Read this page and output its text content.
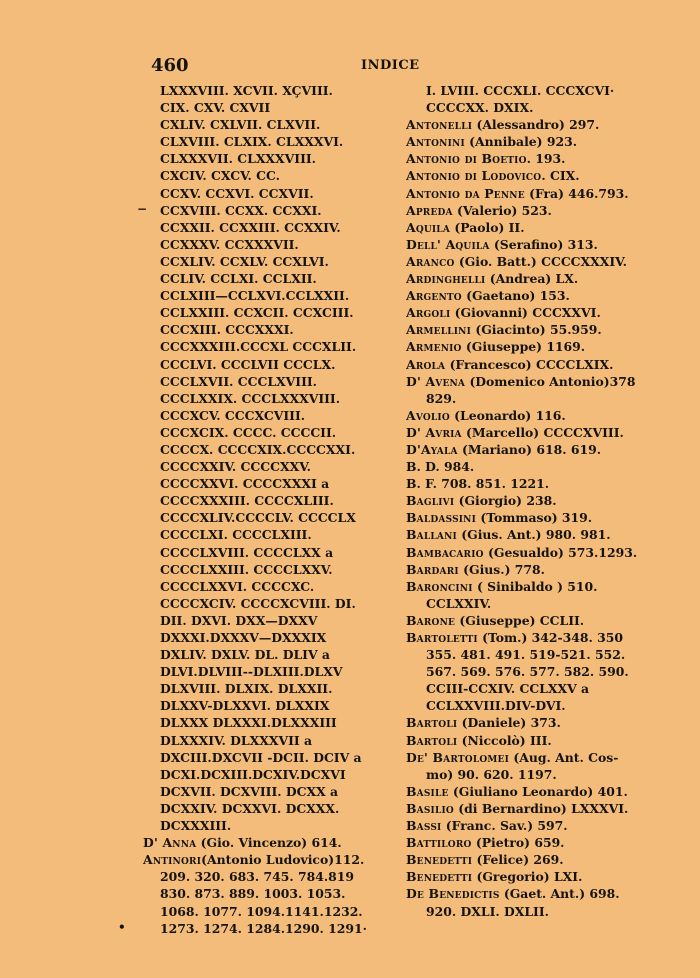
460	INDICE
LXXXVIII. XCVII. XÇVIII.
CIX. CXV. CXVII
CXLIV. CXLVII. CLXVII.
CLXVIII. CLXIX. CLXXXVI.
CLXXXVII. CLXXXVIII.
CXCIV. CXCV. CC.
CCXV. CCXVI. CCXVII.
CCXVIII. CCXX. CCXXI.
CCXXII. CCXXIII. CCXXIV.
CCXXXV. CCXXXVII.
CCXLIV. CCXLV. CCXLVI.
CCLIV. CCLXI. CCLXII.
CCLXIII—CCLXVI.CCLXXII.
CCLXXIII. CCXCII. CCXCIII.
CCCXIII. CCCXXXI.
CCCXXXIII.CCCXL CCCXLII.
CCCLVI. CCCLVII CCCLX.
CCCLXVII. CCCLXVIII.
CCCLXXIX. CCCLXXXVIII.
CCCXCV. CCCXCVIII.
CCCXCIX. CCCC. CCCCII.
CCCCX. CCCCXIX.CCCCXXI.
CCCCXXIV. CCCCXXV.
CCCCXXVI. CCCCXXXI a
CCCCXXXIII. CCCCXLIII.
CCCCXLIV.CCCCLV. CCCCLX
CCCCLXI. CCCCLXIII.
CCCCLXVIII. CCCCLXX a
CCCCLXXIII. CCCCLXXV.
CCCCLXXVI. CCCCXC.
CCCCXCIV. CCCCXCVIII. DI.
DII. DXVI. DXX—DXXV
DXXXI.DXXXV—DXXXIX
DXLIV. DXLV. DL. DLIV a
DLVI.DLVIII--DLXIII.DLXV
DLXVIII. DLXIX. DLXXII.
DLXXV-DLXXVI. DLXXIX
DLXXX DLXXXI.DLXXXIII
DLXXXIV. DLXXXVII a
DXCIII.DXCVII -DCII. DCIV a
DCXI.DCXIII.DCXIV.DCXVI
DCXVII. DCXVIII. DCXX a
DCXXIV. DCXXVI. DCXXX.
DCXXXIII.
D' Anna (Gio. Vincenzo) 614.
Antinori(Antonio Ludovico)112.
209. 320. 683. 745. 784.819
830. 873. 889. 1003. 1053.
1068. 1077. 1094.1141.1232.
1273. 1274. 1284.1290. 1291·
I. LVIII. CCCXLI. CCCXCVI·
CCCCXX. DXIX.
Antonelli (Alessandro) 297.
Antonini (Annibale) 923.
Antonio di Boetio. 193.
Antonio di Lodovico. CIX.
Antonio da Penne (Fra) 446.793.
Apreda (Valerio) 523.
Aquila (Paolo) II.
Dell' Aquila (Serafino) 313.
Aranco (Gio. Batt.) CCCCXXXIV.
Ardinghelli (Andrea) LX.
Argento (Gaetano) 153.
Argoli (Giovanni) CCCXXVI.
Armellini (Giacinto) 55.959.
Armenio (Giuseppe) 1169.
Arola (Francesco) CCCCLXIX.
D' Avena (Domenico Antonio)378
829.
Avolio (Leonardo) 116.
D' Avria (Marcello) CCCCXVIII.
D'Ayala (Mariano) 618. 619.
B. D. 984.
B. F. 708. 851. 1221.
Baglivi (Giorgio) 238.
Baldassini (Tommaso) 319.
Ballani (Gius. Ant.) 980. 981.
Bambacario (Gesualdo) 573.1293.
Bardari (Gius.) 778.
Baroncini ( Sinibaldo ) 510.
CCLXXIV.
Barone (Giuseppe) CCLII.
Bartoletti (Tom.) 342-348. 350
355. 481. 491. 519-521. 552.
567. 569. 576. 577. 582. 590.
CCIII-CCXIV. CCLXXV a
CCLXXVIII.DIV-DVI.
Bartoli (Daniele) 373.
Bartoli (Niccolò) III.
De' Bartolomei (Aug. Ant. Cos-
mo) 90. 620. 1197.
Basile (Giuliano Leonardo) 401.
Basilio (di Bernardino) LXXXVI.
Bassi (Franc. Sav.) 597.
Battiloro (Pietro) 659.
Benedetti (Felice) 269.
Benedetti (Gregorio) LXI.
De Benedictis (Gaet. Ant.) 698.
920. DXLI. DXLII.
−
•
